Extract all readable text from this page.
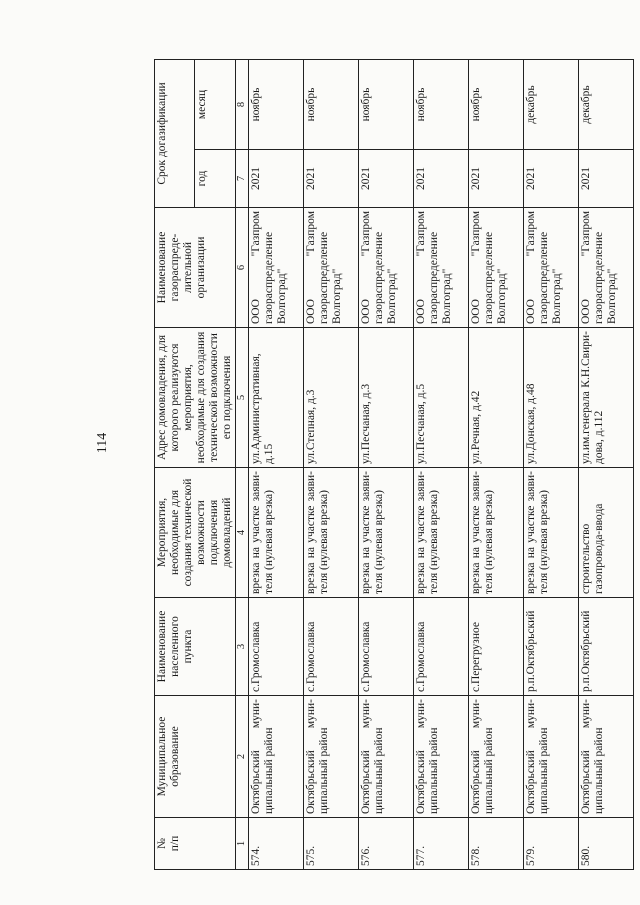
114
№
п/п	Муниципальное образование	Наименование населенного пункта	Мероприятия, необходимые для создания технической возможности подключения домовладений	Адрес домовладения, для которого реализуются мероприятия, необходимые для создания технической возможности его подключения	Наименование газораспреде-лительной организации	Срок догазификации	
						год	месяц
1	2	3	4	5	6	7	8
574.	Октябрьский муни-ципальный район	с.Громославка	врезка на участке заяви-теля (нулевая врезка)	ул.Административная, д.15	ООО "Газпром газораспределение Волгоград"	2021	ноябрь
575.	Октябрьский муни-ципальный район	с.Громославка	врезка на участке заяви-теля (нулевая врезка)	ул.Степная, д.3	ООО "Газпром газораспределение Волгоград"	2021	ноябрь
576.	Октябрьский муни-ципальный район	с.Громославка	врезка на участке заяви-теля (нулевая врезка)	ул.Песчаная, д.3	ООО "Газпром газораспределение Волгоград"	2021	ноябрь
577.	Октябрьский муни-ципальный район	с.Громославка	врезка на участке заяви-теля (нулевая врезка)	ул.Песчаная, д.5	ООО "Газпром газораспределение Волгоград"	2021	ноябрь
578.	Октябрьский муни-ципальный район	с.Перегрузное	врезка на участке заяви-теля (нулевая врезка)	ул.Речная, д.42	ООО "Газпром газораспределение Волгоград"	2021	ноябрь
579.	Октябрьский муни-ципальный район	р.п.Октябрьский	врезка на участке заяви-теля (нулевая врезка)	ул.Донская, д.48	ООО "Газпром газораспределение Волгоград"	2021	декабрь
580.	Октябрьский муни-ципальный район	р.п.Октябрьский	строительство газопровода-ввода	ул.им.генерала К.Н.Свири-дова, д.112	ООО "Газпром газораспределение Волгоград"	2021	декабрь
